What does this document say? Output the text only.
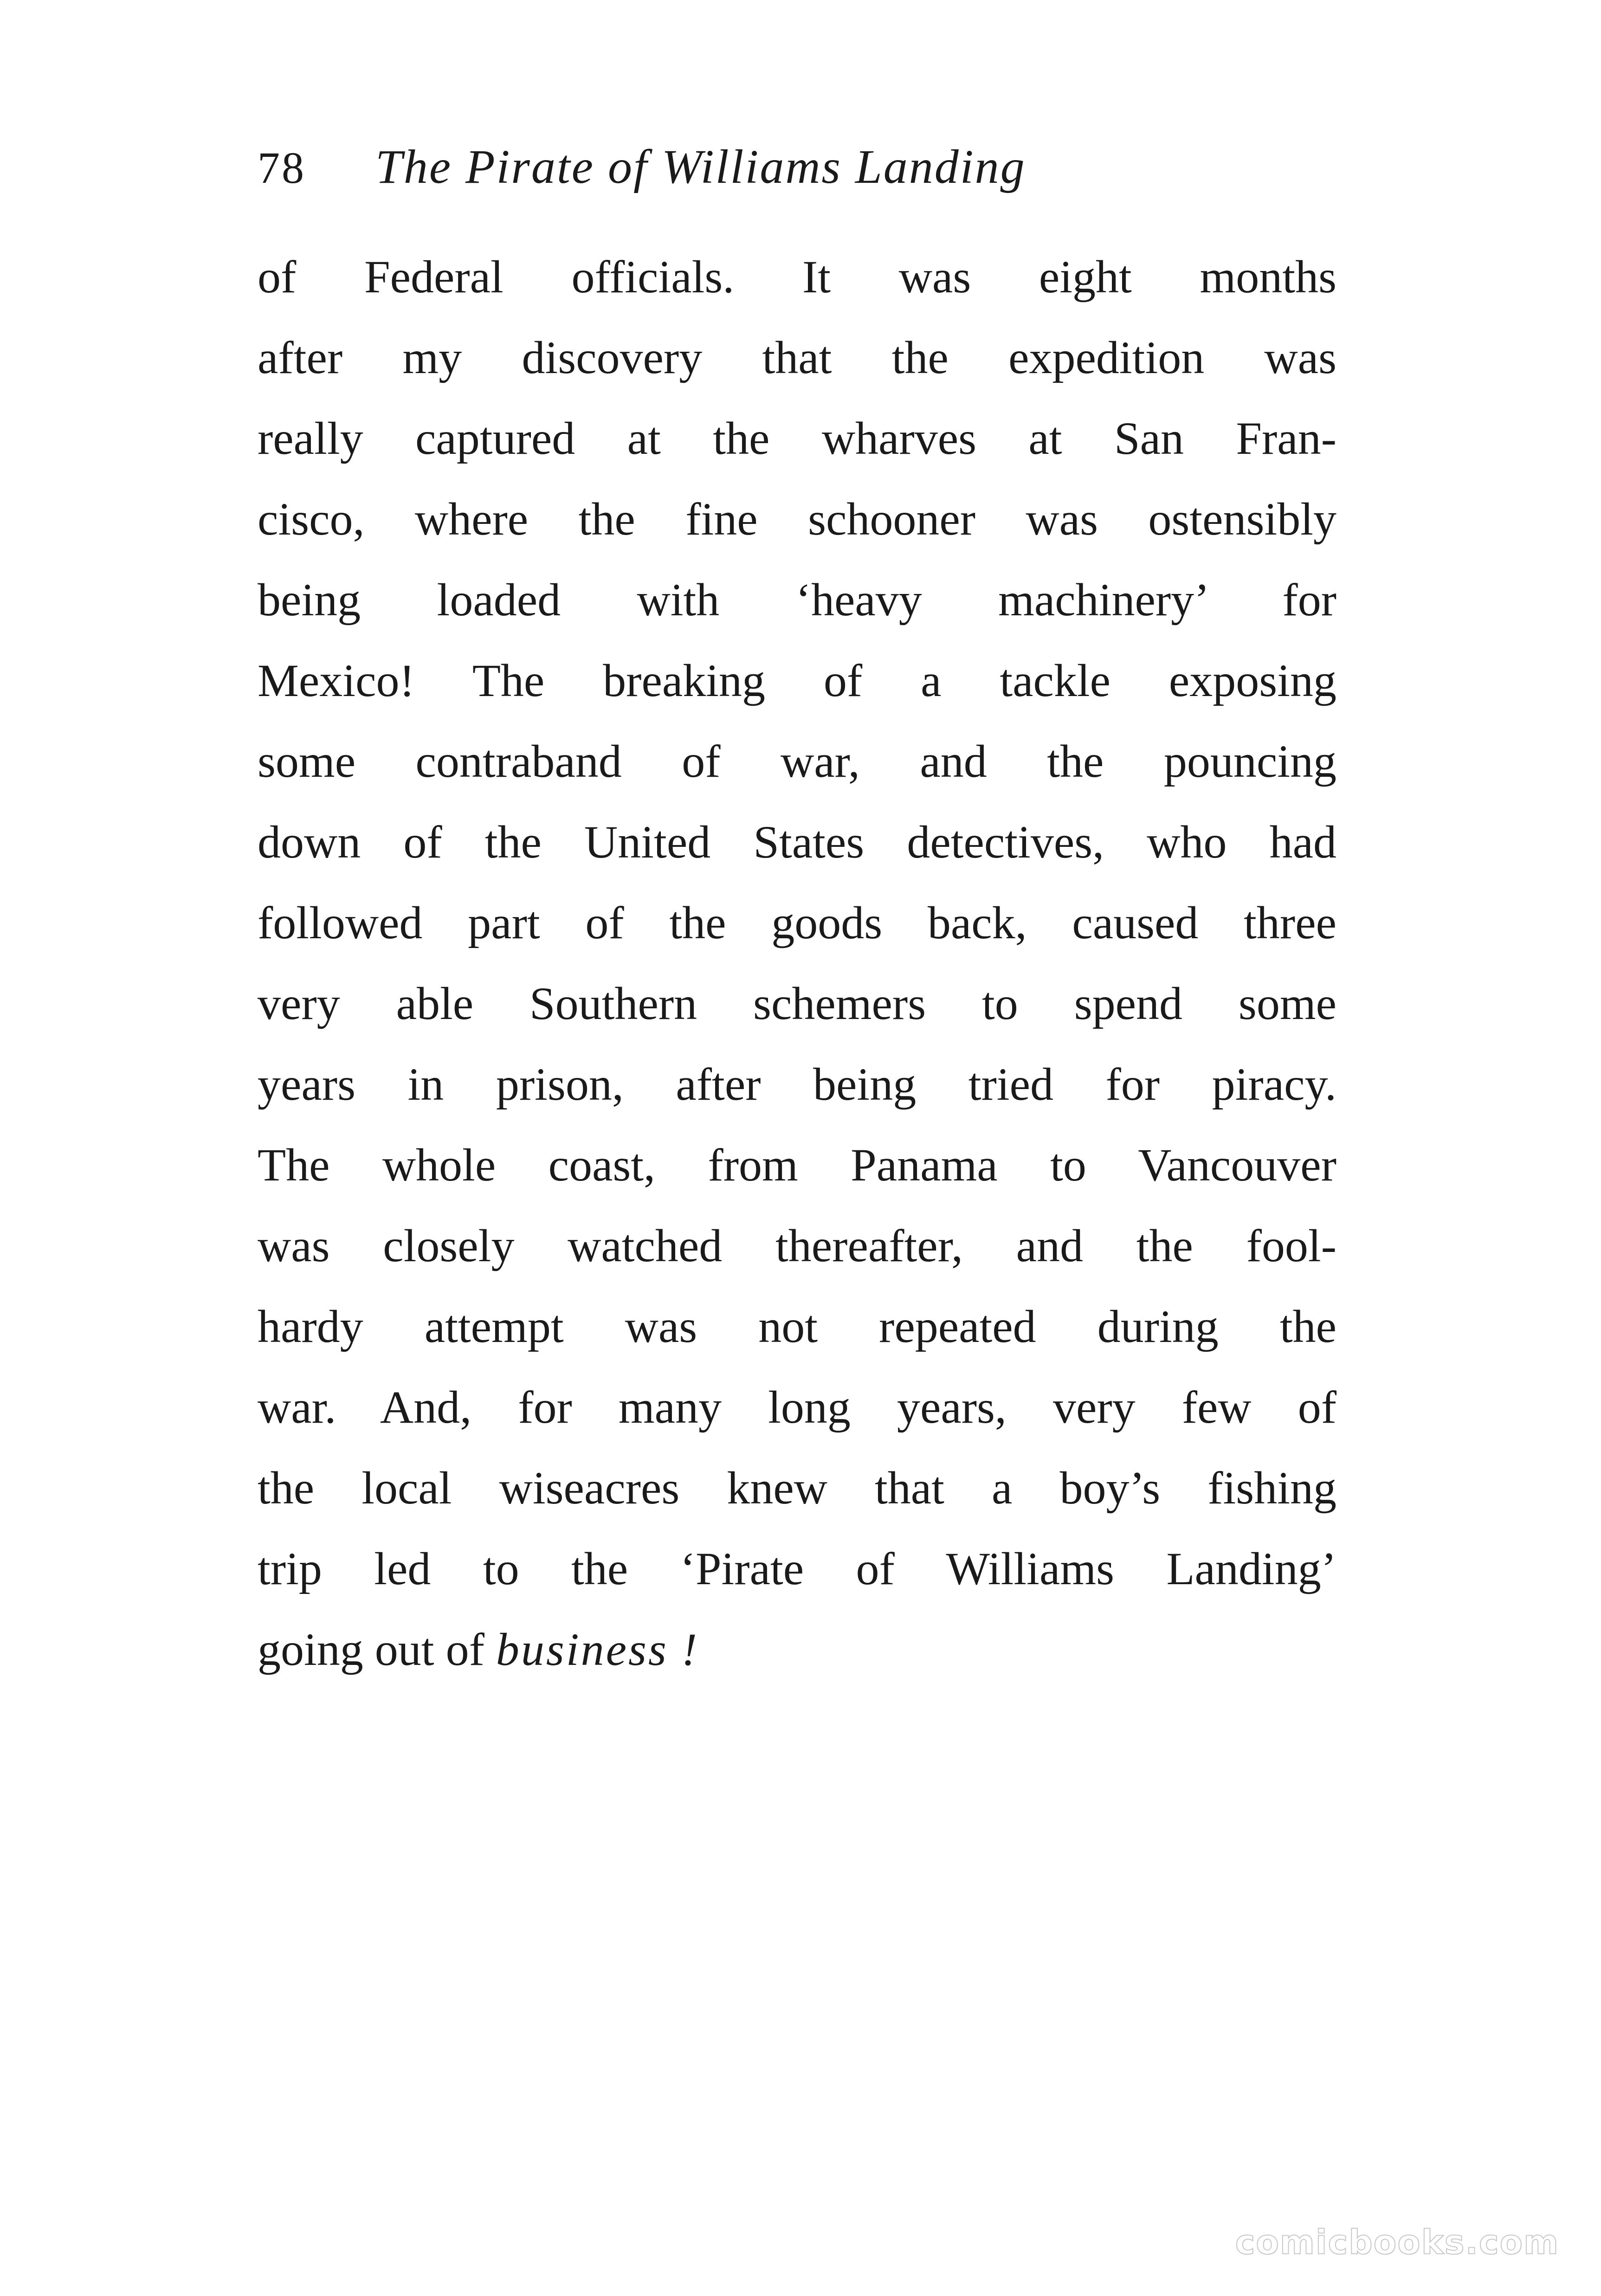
78 The Pirate of Williams Landing
of Federal officials. It was eight months
after my discovery that the expedition was
really captured at the wharves at San Fran-
cisco, where the fine schooner was ostensibly
being loaded with ‘heavy machinery’ for
Mexico! The breaking of a tackle exposing
some contraband of war, and the pouncing
down of the United States detectives, who had
followed part of the goods back, caused three
very able Southern schemers to spend some
years in prison, after being tried for piracy.
The whole coast, from Panama to Vancouver
was closely watched thereafter, and the fool-
hardy attempt was not repeated during the
war. And, for many long years, very few of
the local wiseacres knew that a boy’s fishing
trip led to the ‘Pirate of Williams Landing’
going out of business !
comicbooks.com
